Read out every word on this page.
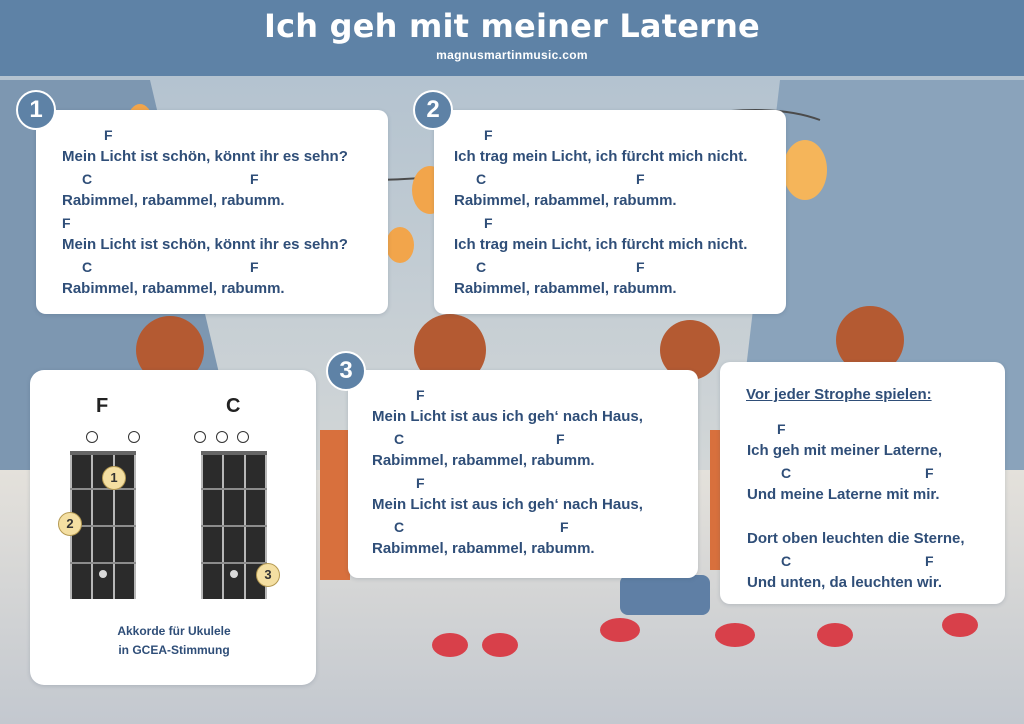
Ich geh mit meiner Laterne
magnusmartinmusic.com
F
Mein Licht ist schön, könnt ihr es sehn?
C	F
Rabimmel, rabammel, rabumm.
F
Mein Licht ist schön, könnt ihr es sehn?
C	F
Rabimmel, rabammel, rabumm.
1
F
Ich trag mein Licht, ich fürcht mich nicht.
C	F
Rabimmel, rabammel, rabumm.
F
Ich trag mein Licht, ich fürcht mich nicht.
C	F
Rabimmel, rabammel, rabumm.
2
F
Mein Licht ist aus ich geh‘ nach Haus,
C	F
Rabimmel, rabammel, rabumm.
F
Mein Licht ist aus ich geh‘ nach Haus,
C	F
Rabimmel, rabammel, rabumm.
3
Vor jeder Strophe spielen:
F
Ich geh mit meiner Laterne,
C	F
Und meine Laterne mit mir.
Dort oben leuchten die Sterne,
C	F
Und unten, da leuchten wir.
F
1
2
C
3
Akkorde für Ukulele
in GCEA-Stimmung
